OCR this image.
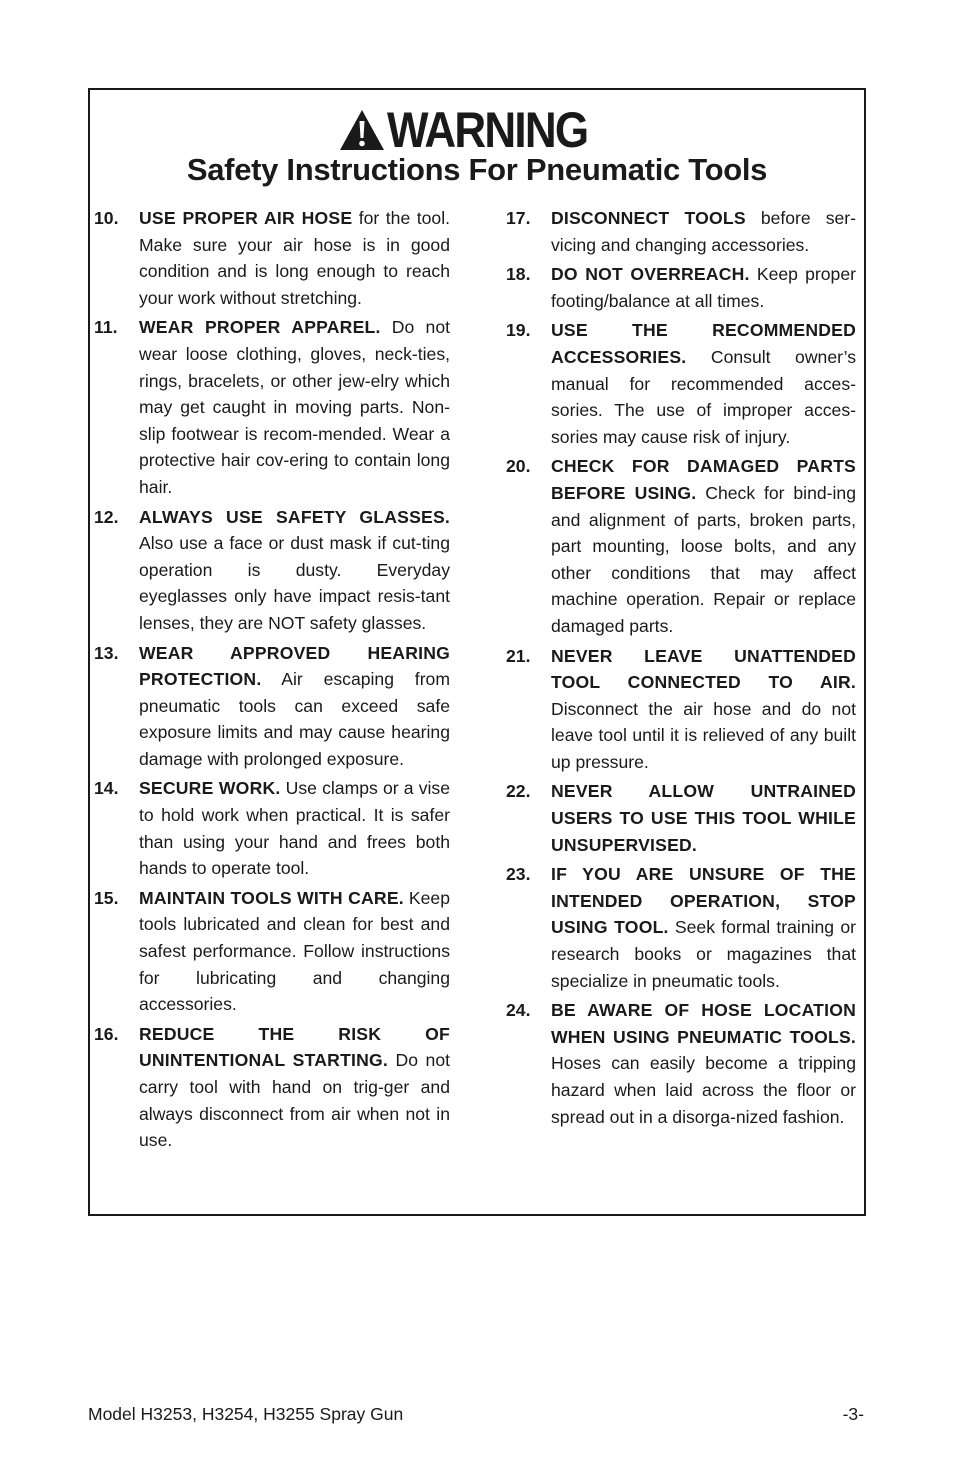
WARNING
Safety Instructions For Pneumatic Tools
10. USE PROPER AIR HOSE for the tool. Make sure your air hose is in good condition and is long enough to reach your work without stretching.
11. WEAR PROPER APPAREL. Do not wear loose clothing, gloves, neck-ties, rings, bracelets, or other jew-elry which may get caught in moving parts. Non-slip footwear is recom-mended. Wear a protective hair cov-ering to contain long hair.
12. ALWAYS USE SAFETY GLASSES. Also use a face or dust mask if cut-ting operation is dusty. Everyday eyeglasses only have impact resis-tant lenses, they are NOT safety glasses.
13. WEAR APPROVED HEARING PROTECTION. Air escaping from pneumatic tools can exceed safe exposure limits and may cause hearing damage with prolonged exposure.
14. SECURE WORK. Use clamps or a vise to hold work when practical. It is safer than using your hand and frees both hands to operate tool.
15. MAINTAIN TOOLS WITH CARE. Keep tools lubricated and clean for best and safest performance. Follow instructions for lubricating and changing accessories.
16. REDUCE THE RISK OF UNINTENTIONAL STARTING. Do not carry tool with hand on trig-ger and always disconnect from air when not in use.
17. DISCONNECT TOOLS before ser-vicing and changing accessories.
18. DO NOT OVERREACH. Keep proper footing/balance at all times.
19. USE THE RECOMMENDED ACCESSORIES. Consult owner’s manual for recommended acces-sories. The use of improper acces-sories may cause risk of injury.
20. CHECK FOR DAMAGED PARTS BEFORE USING. Check for bind-ing and alignment of parts, broken parts, part mounting, loose bolts, and any other conditions that may affect machine operation. Repair or replace damaged parts.
21. NEVER LEAVE UNATTENDED TOOL CONNECTED TO AIR. Disconnect the air hose and do not leave tool until it is relieved of any built up pressure.
22. NEVER ALLOW UNTRAINED USERS TO USE THIS TOOL WHILE UNSUPERVISED.
23. IF YOU ARE UNSURE OF THE INTENDED OPERATION, STOP USING TOOL. Seek formal training or research books or magazines that specialize in pneumatic tools.
24. BE AWARE OF HOSE LOCATION WHEN USING PNEUMATIC TOOLS. Hoses can easily become a tripping hazard when laid across the floor or spread out in a disorga-nized fashion.
Model H3253, H3254, H3255 Spray Gun	-3-
